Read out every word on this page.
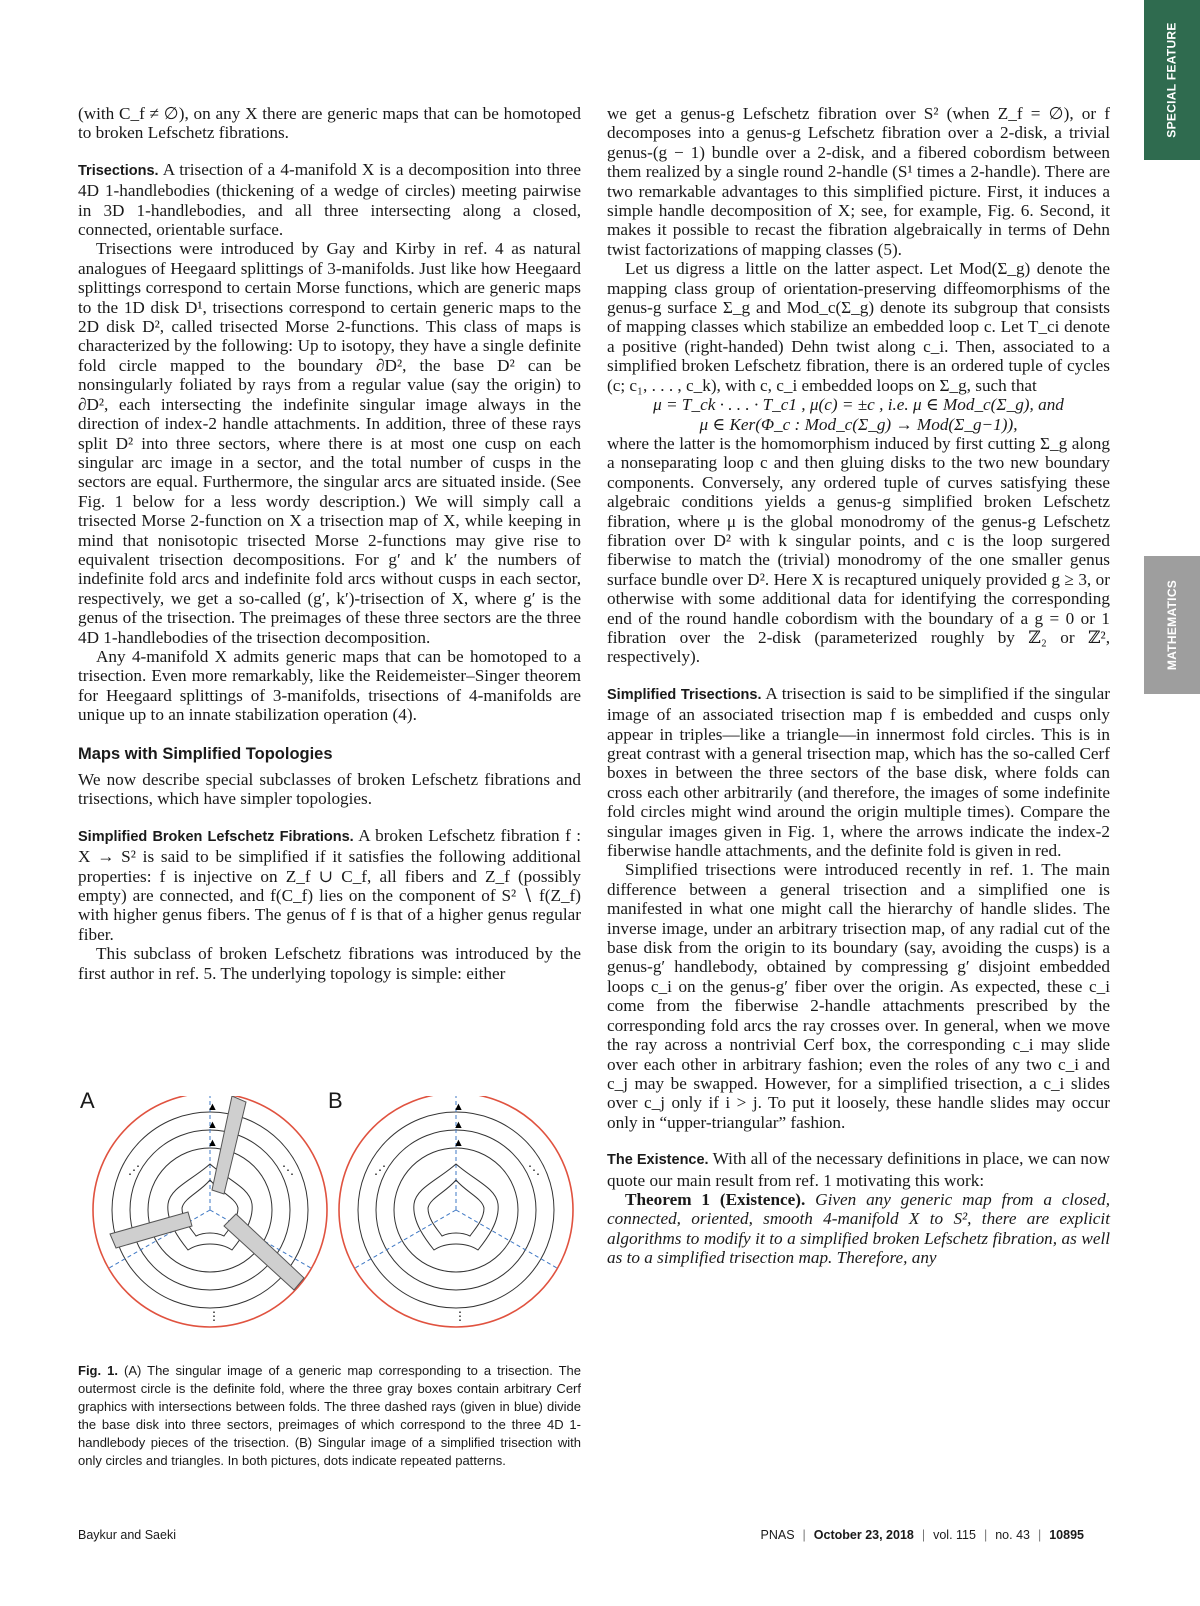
SPECIAL FEATURE
MATHEMATICS

(with C_f ≠ ∅), on any X there are generic maps that can be homotoped to broken Lefschetz fibrations.

Trisections. A trisection of a 4-manifold X is a decomposition into three 4D 1-handlebodies (thickening of a wedge of circles) meeting pairwise in 3D 1-handlebodies, and all three intersecting along a closed, connected, orientable surface.

Trisections were introduced by Gay and Kirby in ref. 4 as natural analogues of Heegaard splittings of 3-manifolds. Just like how Heegaard splittings correspond to certain Morse functions, which are generic maps to the 1D disk D¹, trisections correspond to certain generic maps to the 2D disk D², called trisected Morse 2-functions. This class of maps is characterized by the following: Up to isotopy, they have a single definite fold circle mapped to the boundary ∂D², the base D² can be nonsingularly foliated by rays from a regular value (say the origin) to ∂D², each intersecting the indefinite singular image always in the direction of index-2 handle attachments. In addition, three of these rays split D² into three sectors, where there is at most one cusp on each singular arc image in a sector, and the total number of cusps in the sectors are equal. Furthermore, the singular arcs are situated inside. (See Fig. 1 below for a less wordy description.) We will simply call a trisected Morse 2-function on X a trisection map of X, while keeping in mind that nonisotopic trisected Morse 2-functions may give rise to equivalent trisection decompositions. For g′ and k′ the numbers of indefinite fold arcs and indefinite fold arcs without cusps in each sector, respectively, we get a so-called (g′, k′)-trisection of X, where g′ is the genus of the trisection. The preimages of these three sectors are the three 4D 1-handlebodies of the trisection decomposition.

Any 4-manifold X admits generic maps that can be homotoped to a trisection. Even more remarkably, like the Reidemeister–Singer theorem for Heegaard splittings of 3-manifolds, trisections of 4-manifolds are unique up to an innate stabilization operation (4).

Maps with Simplified Topologies

We now describe special subclasses of broken Lefschetz fibrations and trisections, which have simpler topologies.

Simplified Broken Lefschetz Fibrations. A broken Lefschetz fibration f : X → S² is said to be simplified if it satisfies the following additional properties: f is injective on Z_f ∪ C_f, all fibers and Z_f (possibly empty) are connected, and f(C_f) lies on the component of S² ∖ f(Z_f) with higher genus fibers. The genus of f is that of a higher genus regular fiber.

This subclass of broken Lefschetz fibrations was introduced by the first author in ref. 5. The underlying topology is simple: either

A	B
▲
▲
▲
⋮
⋰	⋱
▲
▲
▲
⋮
⋰	⋱
Fig. 1. (A) The singular image of a generic map corresponding to a trisection. The outermost circle is the definite fold, where the three gray boxes contain arbitrary Cerf graphics with intersections between folds. The three dashed rays (given in blue) divide the base disk into three sectors, preimages of which correspond to the three 4D 1-handlebody pieces of the trisection. (B) Singular image of a simplified trisection with only circles and triangles. In both pictures, dots indicate repeated patterns.

we get a genus-g Lefschetz fibration over S² (when Z_f = ∅), or f decomposes into a genus-g Lefschetz fibration over a 2-disk, a trivial genus-(g − 1) bundle over a 2-disk, and a fibered cobordism between them realized by a single round 2-handle (S¹ times a 2-handle). There are two remarkable advantages to this simplified picture. First, it induces a simple handle decomposition of X; see, for example, Fig. 6. Second, it makes it possible to recast the fibration algebraically in terms of Dehn twist factorizations of mapping classes (5).

Let us digress a little on the latter aspect. Let Mod(Σ_g) denote the mapping class group of orientation-preserving diffeomorphisms of the genus-g surface Σ_g and Mod_c(Σ_g) denote its subgroup that consists of mapping classes which stabilize an embedded loop c. Let T_ci denote a positive (right-handed) Dehn twist along c_i. Then, associated to a simplified broken Lefschetz fibration, there is an ordered tuple of cycles (c; c₁, . . . , c_k), with c, c_i embedded loops on Σ_g, such that

μ = T_ck · . . . · T_c1 , μ(c) = ±c , i.e. μ ∈ Mod_c(Σ_g), and

μ ∈ Ker(Φ_c : Mod_c(Σ_g) → Mod(Σ_g−1)),

where the latter is the homomorphism induced by first cutting Σ_g along a nonseparating loop c and then gluing disks to the two new boundary components. Conversely, any ordered tuple of curves satisfying these algebraic conditions yields a genus-g simplified broken Lefschetz fibration, where μ is the global monodromy of the genus-g Lefschetz fibration over D² with k singular points, and c is the loop surgered fiberwise to match the (trivial) monodromy of the one smaller genus surface bundle over D². Here X is recaptured uniquely provided g ≥ 3, or otherwise with some additional data for identifying the corresponding end of the round handle cobordism with the boundary of a g = 0 or 1 fibration over the 2-disk (parameterized roughly by ℤ₂ or ℤ², respectively).

Simplified Trisections. A trisection is said to be simplified if the singular image of an associated trisection map f is embedded and cusps only appear in triples—like a triangle—in innermost fold circles. This is in great contrast with a general trisection map, which has the so-called Cerf boxes in between the three sectors of the base disk, where folds can cross each other arbitrarily (and therefore, the images of some indefinite fold circles might wind around the origin multiple times). Compare the singular images given in Fig. 1, where the arrows indicate the index-2 fiberwise handle attachments, and the definite fold is given in red.

Simplified trisections were introduced recently in ref. 1. The main difference between a general trisection and a simplified one is manifested in what one might call the hierarchy of handle slides. The inverse image, under an arbitrary trisection map, of any radial cut of the base disk from the origin to its boundary (say, avoiding the cusps) is a genus-g′ handlebody, obtained by compressing g′ disjoint embedded loops c_i on the genus-g′ fiber over the origin. As expected, these c_i come from the fiberwise 2-handle attachments prescribed by the corresponding fold arcs the ray crosses over. In general, when we move the ray across a nontrivial Cerf box, the corresponding c_i may slide over each other in arbitrary fashion; even the roles of any two c_i and c_j may be swapped. However, for a simplified trisection, a c_i slides over c_j only if i > j. To put it loosely, these handle slides may occur only in “upper-triangular” fashion.

The Existence. With all of the necessary definitions in place, we can now quote our main result from ref. 1 motivating this work:

Theorem 1 (Existence). Given any generic map from a closed, connected, oriented, smooth 4-manifold X to S², there are explicit algorithms to modify it to a simplified broken Lefschetz fibration, as well as to a simplified trisection map. Therefore, any

Baykur and Saeki	PNAS | October 23, 2018 | vol. 115 | no. 43 | 10895
